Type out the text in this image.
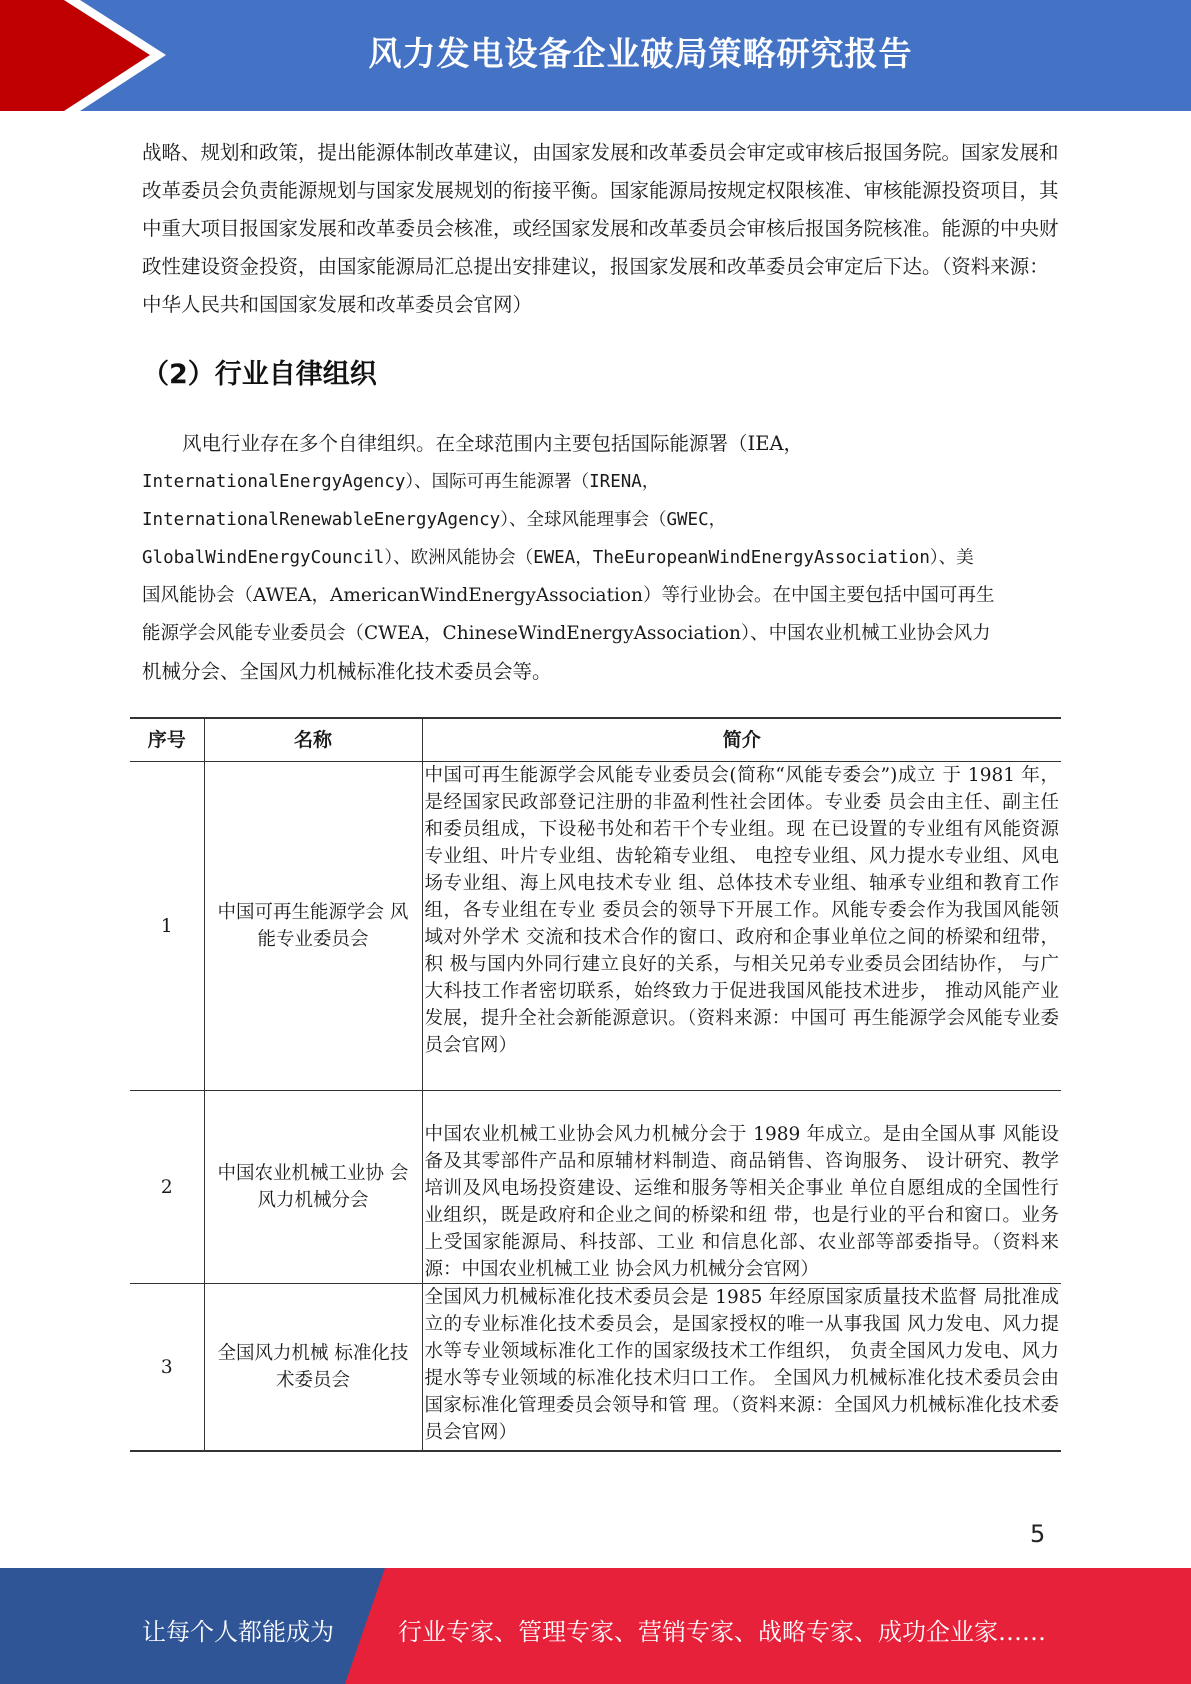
风力发电设备企业破局策略研究报告

战略、规划和政策，提出能源体制改革建议，由国家发展和改革委员会审定或审核后报国务院。国家发展和改革委员会负责能源规划与国家发展规划的衔接平衡。国家能源局按规定权限核准、审核能源投资项目，其中重大项目报国家发展和改革委员会核准，或经国家发展和改革委员会审核后报国务院核准。能源的中央财政性建设资金投资，由国家能源局汇总提出安排建议，报国家发展和改革委员会审定后下达。（资料来源：中华人民共和国国家发展和改革委员会官网）

（2）行业自律组织
风电行业存在多个自律组织。在全球范围内主要包括国际能源署（IEA，
InternationalEnergyAgency）、国际可再生能源署（IRENA，
InternationalRenewableEnergyAgency）、全球风能理事会（GWEC，
GlobalWindEnergyCouncil）、欧洲风能协会（EWEA，TheEuropeanWindEnergyAssociation）、美
国风能协会（AWEA，AmericanWindEnergyAssociation）等行业协会。在中国主要包括中国可再生
能源学会风能专业委员会（CWEA，ChineseWindEnergyAssociation）、中国农业机械工业协会风力
机械分会、全国风力机械标准化技术委员会等。
序号	名称	简介
1	中国可再生能源学会 风能专业委员会	中国可再生能源学会风能专业委员会(简称“风能专委会”)成立 于 1981 年，是经国家民政部登记注册的非盈利性社会团体。专业委 员会由主任、副主任和委员组成，下设秘书处和若干个专业组。现 在已设置的专业组有风能资源专业组、叶片专业组、齿轮箱专业组、 电控专业组、风力提水专业组、风电场专业组、海上风电技术专业 组、总体技术专业组、轴承专业组和教育工作组，各专业组在专业 委员会的领导下开展工作。风能专委会作为我国风能领域对外学术 交流和技术合作的窗口、政府和企事业单位之间的桥梁和纽带，积 极与国内外同行建立良好的关系，与相关兄弟专业委员会团结协作， 与广大科技工作者密切联系，始终致力于促进我国风能技术进步， 推动风能产业发展，提升全社会新能源意识。（资料来源：中国可 再生能源学会风能专业委员会官网）
2	中国农业机械工业协 会风力机械分会	中国农业机械工业协会风力机械分会于 1989 年成立。是由全国从事 风能设备及其零部件产品和原辅材料制造、商品销售、咨询服务、 设计研究、教学培训及风电场投资建设、运维和服务等相关企事业 单位自愿组成的全国性行业组织，既是政府和企业之间的桥梁和纽 带，也是行业的平台和窗口。业务上受国家能源局、科技部、工业 和信息化部、农业部等部委指导。（资料来源：中国农业机械工业 协会风力机械分会官网）
3	全国风力机械 标准化技术委员会	全国风力机械标准化技术委员会是 1985 年经原国家质量技术监督 局批准成立的专业标准化技术委员会，是国家授权的唯一从事我国 风力发电、风力提水等专业领域标准化工作的国家级技术工作组织， 负责全国风力发电、风力提水等专业领域的标准化技术归口工作。 全国风力机械标准化技术委员会由国家标准化管理委员会领导和管 理。（资料来源：全国风力机械标准化技术委员会官网）
5
让每个人都能成为	行业专家、管理专家、营销专家、战略专家、成功企业家……
